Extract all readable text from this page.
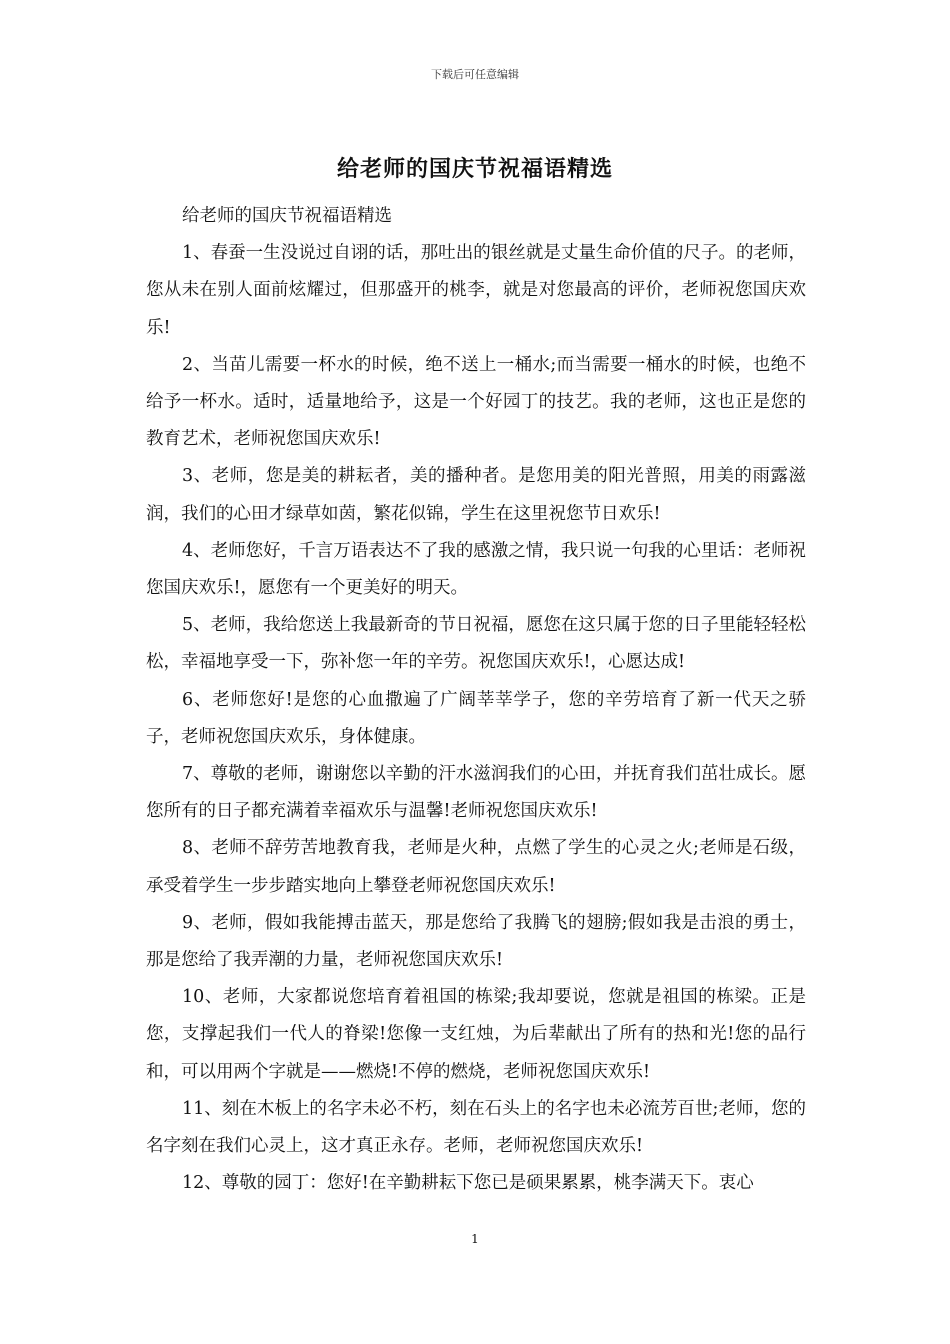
下载后可任意编辑
给老师的国庆节祝福语精选

给老师的国庆节祝福语精选

1、春蚕一生没说过自诩的话，那吐出的银丝就是丈量生命价值的尺子。的老师，您从未在别人面前炫耀过，但那盛开的桃李，就是对您最高的评价，老师祝您国庆欢乐!

2、当苗儿需要一杯水的时候，绝不送上一桶水;而当需要一桶水的时候，也绝不给予一杯水。适时，适量地给予，这是一个好园丁的技艺。我的老师，这也正是您的教育艺术，老师祝您国庆欢乐!

3、老师，您是美的耕耘者，美的播种者。是您用美的阳光普照，用美的雨露滋润，我们的心田才绿草如茵，繁花似锦，学生在这里祝您节日欢乐!

4、老师您好，千言万语表达不了我的感激之情，我只说一句我的心里话：老师祝您国庆欢乐!，愿您有一个更美好的明天。

5、老师，我给您送上我最新奇的节日祝福，愿您在这只属于您的日子里能轻轻松松，幸福地享受一下，弥补您一年的辛劳。祝您国庆欢乐!，心愿达成!

6、老师您好!是您的心血撒遍了广阔莘莘学子，您的辛劳培育了新一代天之骄子，老师祝您国庆欢乐，身体健康。

7、尊敬的老师，谢谢您以辛勤的汗水滋润我们的心田，并抚育我们茁壮成长。愿您所有的日子都充满着幸福欢乐与温馨!老师祝您国庆欢乐!

8、老师不辞劳苦地教育我，老师是火种，点燃了学生的心灵之火;老师是石级，承受着学生一步步踏实地向上攀登老师祝您国庆欢乐!

9、老师，假如我能搏击蓝天，那是您给了我腾飞的翅膀;假如我是击浪的勇士，那是您给了我弄潮的力量，老师祝您国庆欢乐!

10、老师，大家都说您培育着祖国的栋梁;我却要说，您就是祖国的栋梁。正是您，支撑起我们一代人的脊梁!您像一支红烛，为后辈献出了所有的热和光!您的品行和，可以用两个字就是——燃烧!不停的燃烧，老师祝您国庆欢乐!

11、刻在木板上的名字未必不朽，刻在石头上的名字也未必流芳百世;老师，您的名字刻在我们心灵上，这才真正永存。老师，老师祝您国庆欢乐!

12、尊敬的园丁：您好!在辛勤耕耘下您已是硕果累累，桃李满天下。衷心

1
